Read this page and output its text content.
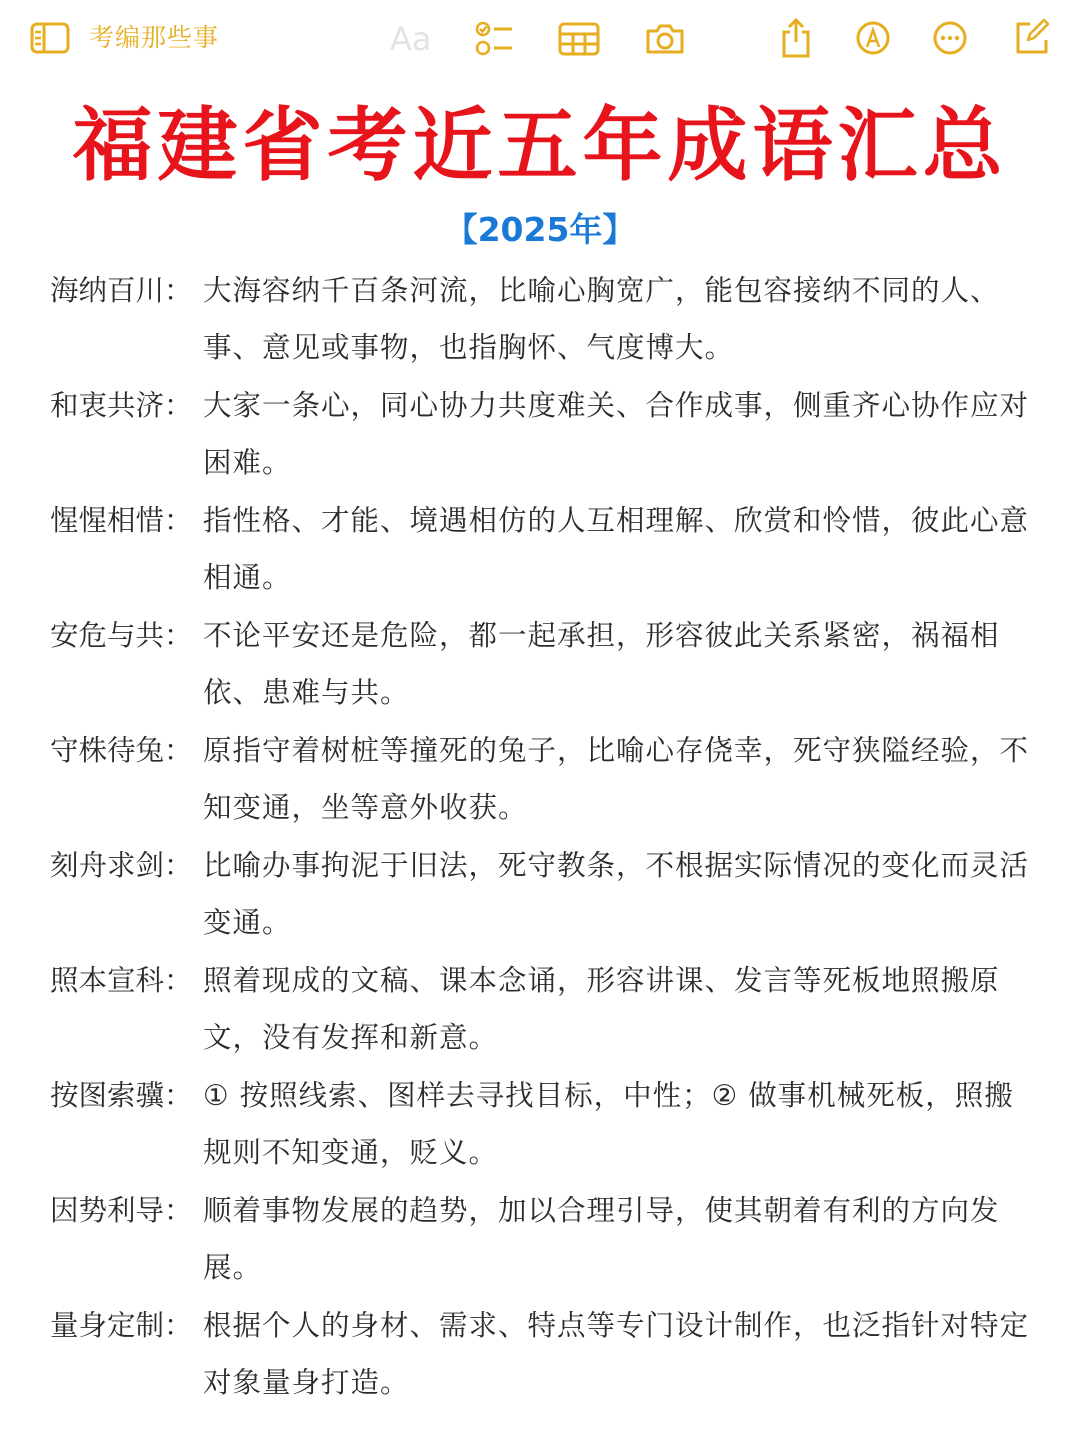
考编那些事	Aa
福建省考近五年成语汇总
【2025年】
海纳百川： 大海容纳千百条河流，比喻心胸宽广，能包容接纳不同的人、事、意见或事物，也指胸怀、气度博大。
和衷共济： 大家一条心，同心协力共度难关、合作成事，侧重齐心协作应对困难。
惺惺相惜： 指性格、才能、境遇相仿的人互相理解、欣赏和怜惜，彼此心意相通。
安危与共： 不论平安还是危险，都一起承担，形容彼此关系紧密，祸福相依、患难与共。
守株待兔： 原指守着树桩等撞死的兔子，比喻心存侥幸，死守狭隘经验，不知变通，坐等意外收获。
刻舟求剑： 比喻办事拘泥于旧法，死守教条，不根据实际情况的变化而灵活变通。
照本宣科： 照着现成的文稿、课本念诵，形容讲课、发言等死板地照搬原文，没有发挥和新意。
按图索骥： ① 按照线索、图样去寻找目标，中性；② 做事机械死板，照搬规则不知变通，贬义。
因势利导： 顺着事物发展的趋势，加以合理引导，使其朝着有利的方向发展。
量身定制： 根据个人的身材、需求、特点等专门设计制作，也泛指针对特定对象量身打造。
